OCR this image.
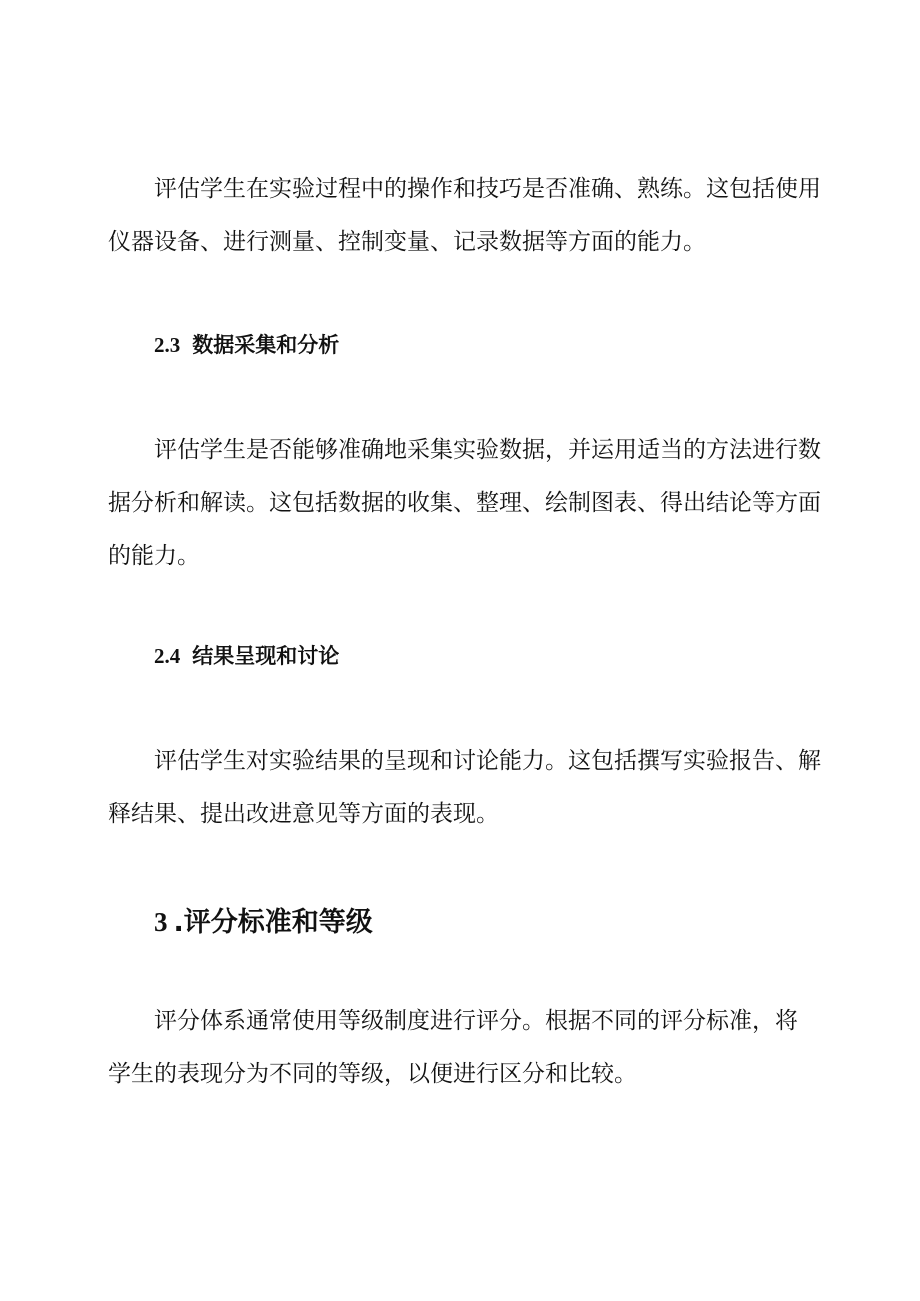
评估学生在实验过程中的操作和技巧是否准确、熟练。这包括使用
仪器设备、进行测量、控制变量、记录数据等方面的能力。

2.3 数据采集和分析

评估学生是否能够准确地采集实验数据，并运用适当的方法进行数
据分析和解读。这包括数据的收集、整理、绘制图表、得出结论等方面
的能力。

2.4 结果呈现和讨论

评估学生对实验结果的呈现和讨论能力。这包括撰写实验报告、解
释结果、提出改进意见等方面的表现。

3 .评分标准和等级

评分体系通常使用等级制度进行评分。根据不同的评分标准，将
学生的表现分为不同的等级，以便进行区分和比较。
